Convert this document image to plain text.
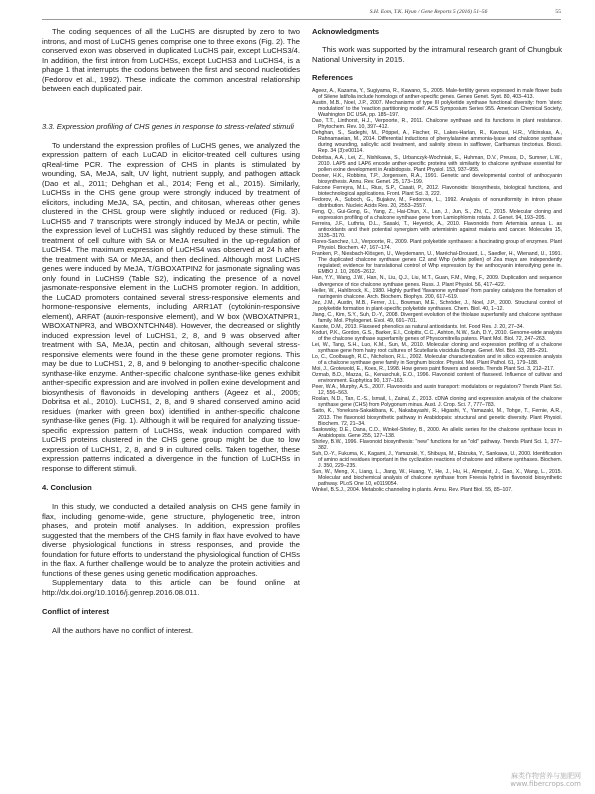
S.H. Eom, T.K. Hyun / Gene Reports 5 (2016) 51–56	55

The coding sequences of all the LuCHS are disrupted by zero to two introns, and most of LuCHS genes comprise one to three exons (Fig. 2). The conserved exon was observed in duplicated LuCHS pair, except LuCHS3/4. In addition, the first intron from LuCHSs, except LuCHS3 and LuCHS4, is a phage 1 that interrupts the codons between the first and second nucleotides (Fedorov et al., 1992). These indicate the common ancestral relationship between each duplicated pair.

3.3. Expression profiling of CHS genes in response to stress-related stimuli

To understand the expression profiles of LuCHS genes, we analyzed the expression pattern of each LuCAD in elicitor-treated cell cultures using qReal-time PCR. The expression of CHS in plants is stimulated by wounding, SA, MeJA, salt, UV light, nutrient supply, and pathogen attack (Dao et al., 2011; Dehghan et al., 2014; Feng et al., 2015). Similarly, LuCHSs in the CHS gene group were strongly induced by treatment of elicitors, including MeJA, SA, pectin, and chitosan, whereas other genes clustered in the CHSL group were slightly induced or reduced (Fig. 3). LuCHS5 and 7 transcripts were strongly induced by MeJA or pectin, while the expression level of LuCHS1 was slightly reduced by these stimuli. The treatment of cell culture with SA or MeJA resulted in the up-regulation of LuCHS4. The maximum expression of LuCHS4 was observed at 24 h after the treatment with SA or MeJA, and then declined. Although most LuCHS genes were induced by MeJA, T/GBOXATPIN2 for jasmonate signaling was only found in LuCHS9 (Table S2), indicating the presence of a novel jasmonate-responsive element in the LuCHS promoter region. In addition, the LuCAD promoters contained several stress-responsive elements and hormone-responsive elements, including ARR1AT (cytokinin-responsive element), ARFAT (auxin-responsive element), and W box (WBOXATNPR1, WBOXATNPR3, and WBOXNTCHN48). However, the decreased or slightly induced expression level of LuCHS1, 2, 8, and 9 was observed after treatment with SA, MeJA, pectin and chitosan, although several stress-responsive elements were found in the these gene promoter regions. This may be due to LuCHS1, 2, 8, and 9 belonging to another-specific chalcone synthase-like enzyme. Anther-specific chalcone synthase-like genes exhibit anther-specific expression and are involved in pollen exine development and biosynthesis of flavonoids in developing anthers (Ageez et al., 2005; Dobritsa et al., 2010). LuCHS1, 2, 8, and 9 shared conserved amino acid residues (marker with green box) identified in anther-specific chalcone synthase-like genes (Fig. 1). Although it will be required for analyzing tissue-specific expression pattern of LuCHSs, weak induction compared with LuCHS proteins clustered in the CHS gene group might be due to low expression of LuCHS1, 2, 8, and 9 in cultured cells. Taken together, these expression patterns indicated a divergence in the function of LuCHSs in response to different stimuli.

4. Conclusion

In this study, we conducted a detailed analysis on CHS gene family in flax, including genome-wide, gene structure, phylogenetic tree, intron phases, and protein motif analyses. In addition, expression profiles suggested that the members of the CHS family in flax have evolved to have diverse physiological functions in stress responses, and provide the foundation for future efforts to understand the physiological function of CHSs in the flax. A further challenge would be to analyze the protein activities and functions of these genes using genetic modification approaches.

Supplementary data to this article can be found online at http://dx.doi.org/10.1016/j.genrep.2016.08.011.

Conflict of interest

All the authors have no conflict of interest.

Acknowledgments

This work was supported by the intramural research grant of Chungbuk National University in 2015.

References

Ageez, A., Kazama, Y., Sugiyama, R., Kawano, S., 2005. Male-fertility genes expressed in male flower buds of Silene latifolia include homologs of anther-specific genes. Genes Genet. Syst. 80, 403–413.
Austin, M.B., Noel, J.P., 2007. Mechanisms of type III polyketide synthase functional diversity: from 'steric modulation' to the 'reaction partitioning model'. ACS Symposium Series 955. American Chemical Society, Washington DC USA, pp. 185–197.
Dao, T.T., Linthorst, H.J., Verpoorte, R., 2011. Chalcone synthase and its functions in plant resistance. Phytochem. Rev. 10, 397–412.
Dehghan, S., Sadeghi, M., Pöppel, A., Fischer, R., Lakes-Harlan, R., Kavousi, H.R., Vilcinskas, A., Rahnamaeian, M., 2014. Differential inductions of phenylalanine ammonia-lyase and chalcone synthase during wounding, salicylic acid treatment, and salinity stress in safflower, Carthamus tinctorius. Biosci. Rep. 34 (3):e00114.
Dobritsa, A.A., Lei, Z., Nishikawa, S., Urbanczyk-Wochniak, E., Huhman, D.V., Preuss, D., Sumner, L.W., 2010. LAP5 and LAP6 encode anther-specific proteins with similarity to chalcone synthase essential for pollen exine development in Arabidopsis. Plant Physiol. 153, 937–955.
Dooner, H.K., Robbins, T.P., Jorgensen, R.A., 1991. Genetic and developmental control of anthocyanin biosynthesis. Annu. Rev. Genet. 25, 173–199.
Falcone Ferreyra, M.L., Rius, S.P., Casati, P., 2012. Flavonoids: biosynthesis, biological functions, and biotechnological applications. Front. Plant Sci. 3, 222.
Fedorov, A., Suboch, G., Bujakov, M., Fedorova, L., 1992. Analysis of nonuniformity in intron phase distribution. Nucleic Acids Res. 20, 2553–2557.
Feng, Q., Gui-Gong, G., Yang, Z., Hai-Chun, X., Lan, J., Jun, S., Zhi, C., 2015. Molecular cloning and expression profiling of a chalcone synthase gene from Lamiophlomis rotata. J. Genet. 94, 193–205.
Ferreira, J.F., Luthria, D.L., Sasaki, T., Heyerick, A., 2010. Flavonoids from Artemisia annua L. as antioxidants and their potential synergism with artemisinin against malaria and cancer. Molecules 15, 3135–3170.
Flores-Sanchez, I.J., Verpoorte, R., 2009. Plant polyketide synthases: a fascinating group of enzymes. Plant Physiol. Biochem. 47, 167–174.
Franken, P., Niesbach-Klösgen, U., Weydemann, U., Maréchal-Drouard, L., Saedler, H., Wienand, U., 1991. The duplicated chalcone synthase genes C2 and Whp (white pollen) of Zea mays are independently regulated; evidence for translational control of Whp expression by the anthocyanin intensifying gene in. EMBO J. 10, 2605–2612.
Han, Y.Y., Wang, J.W., Han, N., Liu, Q.J., Liu, M.T., Guan, F.M., Ming, F., 2009. Duplication and sequence divergence of rice chalcone synthase genes. Russ. J. Plant Physiol. 56, 417–422.
Heller, W., Hahlbrock, K., 1980. Highly purified 'flavanone synthase' from parsley catalyzes the formation of naringenin chalcone. Arch. Biochem. Biophys. 200, 617–619.
Jez, J.M., Austin, M.B., Ferrer, J.L., Bowman, M.E., Schröder, J., Noel, J.P., 2000. Structural control of polyketide formation in plant-specific polyketide synthases. Chem. Biol. 40, 1–12.
Jiang, C., Kim, S.Y., Suh, D.-Y., 2008. Divergent evolution of the thiolase superfamily and chalcone synthase family. Mol. Phylogenet. Evol. 49, 691–701.
Kasote, D.M., 2013. Flaxseed phenolics as natural antioxidants. Int. Food Res. J. 20, 27–34.
Koduri, P.K., Gordon, G.S., Barker, E.I., Colpitts, C.C., Ashton, N.W., Suh, D.Y., 2010. Genome-wide analysis of the chalcone synthase superfamily genes of Physcomitrella patens. Plant Mol. Biol. 72, 247–263.
Lei, W., Tang, S.H., Luo, K.M., Sun, M., 2010. Molecular cloning and expression profiling of a chalcone synthase gene from hairy root cultures of Scutellaria viscidula Bunge. Genet. Mol. Biol. 33, 285–291.
Lo, C., Coolbaugh, R.C., Nicholson, R.L., 2002. Molecular characterization and in silico expression analysis of a chalcone synthase gene family in Sorghum bicolor. Physiol. Mol. Plant Pathol. 61, 179–188.
Moi, J., Grotewold, E., Koes, R., 1998. How genes paint flowers and seeds. Trends Plant Sci. 3, 212–217.
Ozmab, B.D., Mazza, G., Kenaschuk, E.O., 1996. Flavonoid content of flaxseed. Influence of cultivar and environment. Euphytica 90, 137–163.
Peer, W.A., Murphy, A.S., 2007. Flavonoids and auxin transport: modulators or regulators? Trends Plant Sci. 12, 556–563.
Roslan, N.D., Tan, C.-S., Ismail, I., Zainal, Z., 2013. cDNA cloning and expression analysis of the chalcone synthase gene (CHS) from Polygonum minus. Aust. J. Crop. Sci. 7, 777–783.
Saito, K., Yonekura-Sakakibara, K., Nakabayashi, R., Higashi, Y., Yamazaki, M., Tohge, T., Fernie, A.R., 2013. The flavonoid biosynthetic pathway in Arabidopsis: structural and genetic diversity. Plant Physiol. Biochem. 72, 21–34.
Sasłowsky, D.E., Dana, C.D., Winkel-Shirley, B., 2000. An allelic series for the chalcone synthase locus in Arabidopsis. Gene 255, 127–138.
Shirley, B.W., 1996. Flavonoid biosynthesis: "new" functions for an "old" pathway. Trends Plant Sci. 1, 377–382.
Suh, D.-Y., Fukuma, K., Kagami, J., Yamazaki, Y., Shibuya, M., Ebizuka, Y., Sankawa, U., 2000. Identification of amino acid residues important in the cyclization reactions of chalcone and stilbene synthases. Biochem. J. 350, 229–235.
Sun, W., Meng, X., Liang, L., Jiang, W., Huang, Y., He, J., Hu, H., Almqvist, J., Gao, X., Wang, L., 2015. Molecular and biochemical analysis of chalcone synthase from Freesia hybrid in flavonoid biosynthetic pathway. PLoS One 10, e0119054.
Winkel, B.S.J., 2004. Metabolic channeling in plants. Annu. Rev. Plant Biol. 55, 85–107.
麻类作物营养与施肥网
www.fibercrops.com
